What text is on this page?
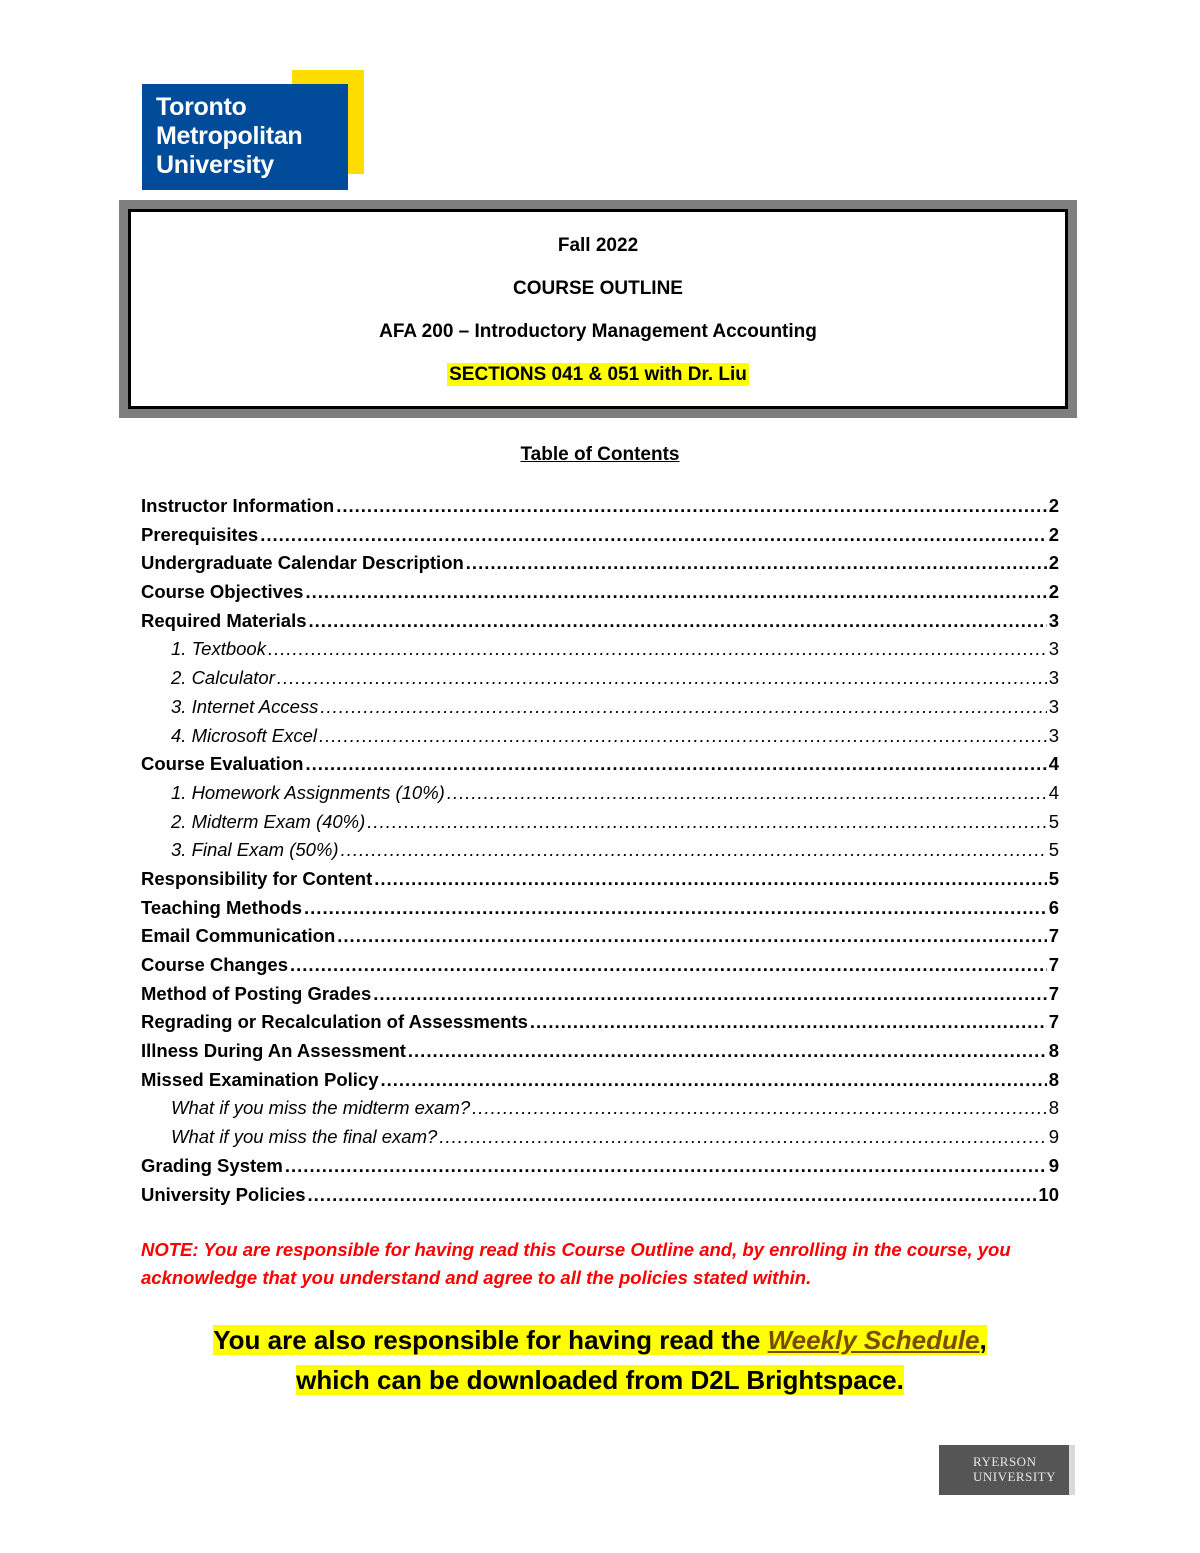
Toronto
Metropolitan
University
Fall 2022
COURSE OUTLINE
AFA 200 – Introductory Management Accounting
SECTIONS 041 & 051 with Dr. Liu
Table of Contents
Instructor Information .....	2
Prerequisites .....	2
Undergraduate Calendar Description .....	2
Course Objectives .....	2
Required Materials .....	3
1. Textbook .....	3
2. Calculator .....	3
3. Internet Access .....	3
4. Microsoft Excel .....	3
Course Evaluation .....	4
1. Homework Assignments (10%) .....	4
2. Midterm Exam (40%) .....	5
3. Final Exam (50%) .....	5
Responsibility for Content .....	5
Teaching Methods .....	6
Email Communication .....	7
Course Changes .....	7
Method of Posting Grades .....	7
Regrading or Recalculation of Assessments .....	7
Illness During An Assessment .....	8
Missed Examination Policy .....	8
What if you miss the midterm exam? .....	8
What if you miss the final exam? .....	9
Grading System .....	9
University Policies .....	10
NOTE: You are responsible for having read this Course Outline and, by enrolling in the course, you acknowledge that you understand and agree to all the policies stated within.
You are also responsible for having read the Weekly Schedule,
which can be downloaded from D2L Brightspace.
RYERSON
UNIVERSITY
